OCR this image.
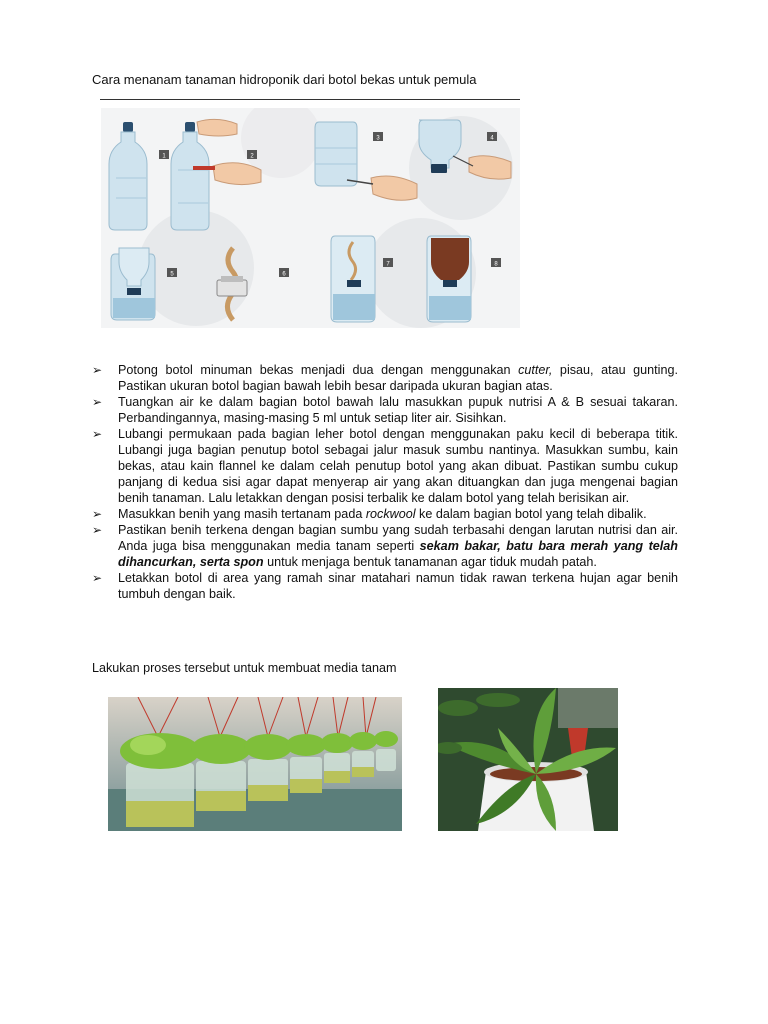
Cara menanam tanaman hidroponik dari botol bekas untuk pemula
1	2
3	4
5	6
7	8
➢ Potong botol minuman bekas menjadi dua dengan menggunakan cutter, pisau, atau gunting. Pastikan ukuran botol bagian bawah lebih besar daripada ukuran bagian atas.
➢ Tuangkan air ke dalam bagian botol bawah lalu masukkan pupuk nutrisi A & B sesuai takaran. Perbandingannya, masing-masing 5 ml untuk setiap liter air. Sisihkan.
➢ Lubangi permukaan pada bagian leher botol dengan menggunakan paku kecil di beberapa titik. Lubangi juga bagian penutup botol sebagai jalur masuk sumbu nantinya. Masukkan sumbu, kain bekas, atau kain flannel ke dalam celah penutup botol yang akan dibuat. Pastikan sumbu cukup panjang di kedua sisi agar dapat menyerap air yang akan dituangkan dan juga mengenai bagian benih tanaman. Lalu letakkan dengan posisi terbalik ke dalam botol yang telah berisikan air.
➢ Masukkan benih yang masih tertanam pada rockwool ke dalam bagian botol yang telah dibalik.
➢ Pastikan benih terkena dengan bagian sumbu yang sudah terbasahi dengan larutan nutrisi dan air. Anda juga bisa menggunakan media tanam seperti sekam bakar, batu bara merah yang telah dihancurkan, serta spon untuk menjaga bentuk tanamanan agar tiduk mudah patah.
➢ Letakkan botol di area yang ramah sinar matahari namun tidak rawan terkena hujan agar benih tumbuh dengan baik.
Lakukan proses tersebut untuk membuat media tanam
